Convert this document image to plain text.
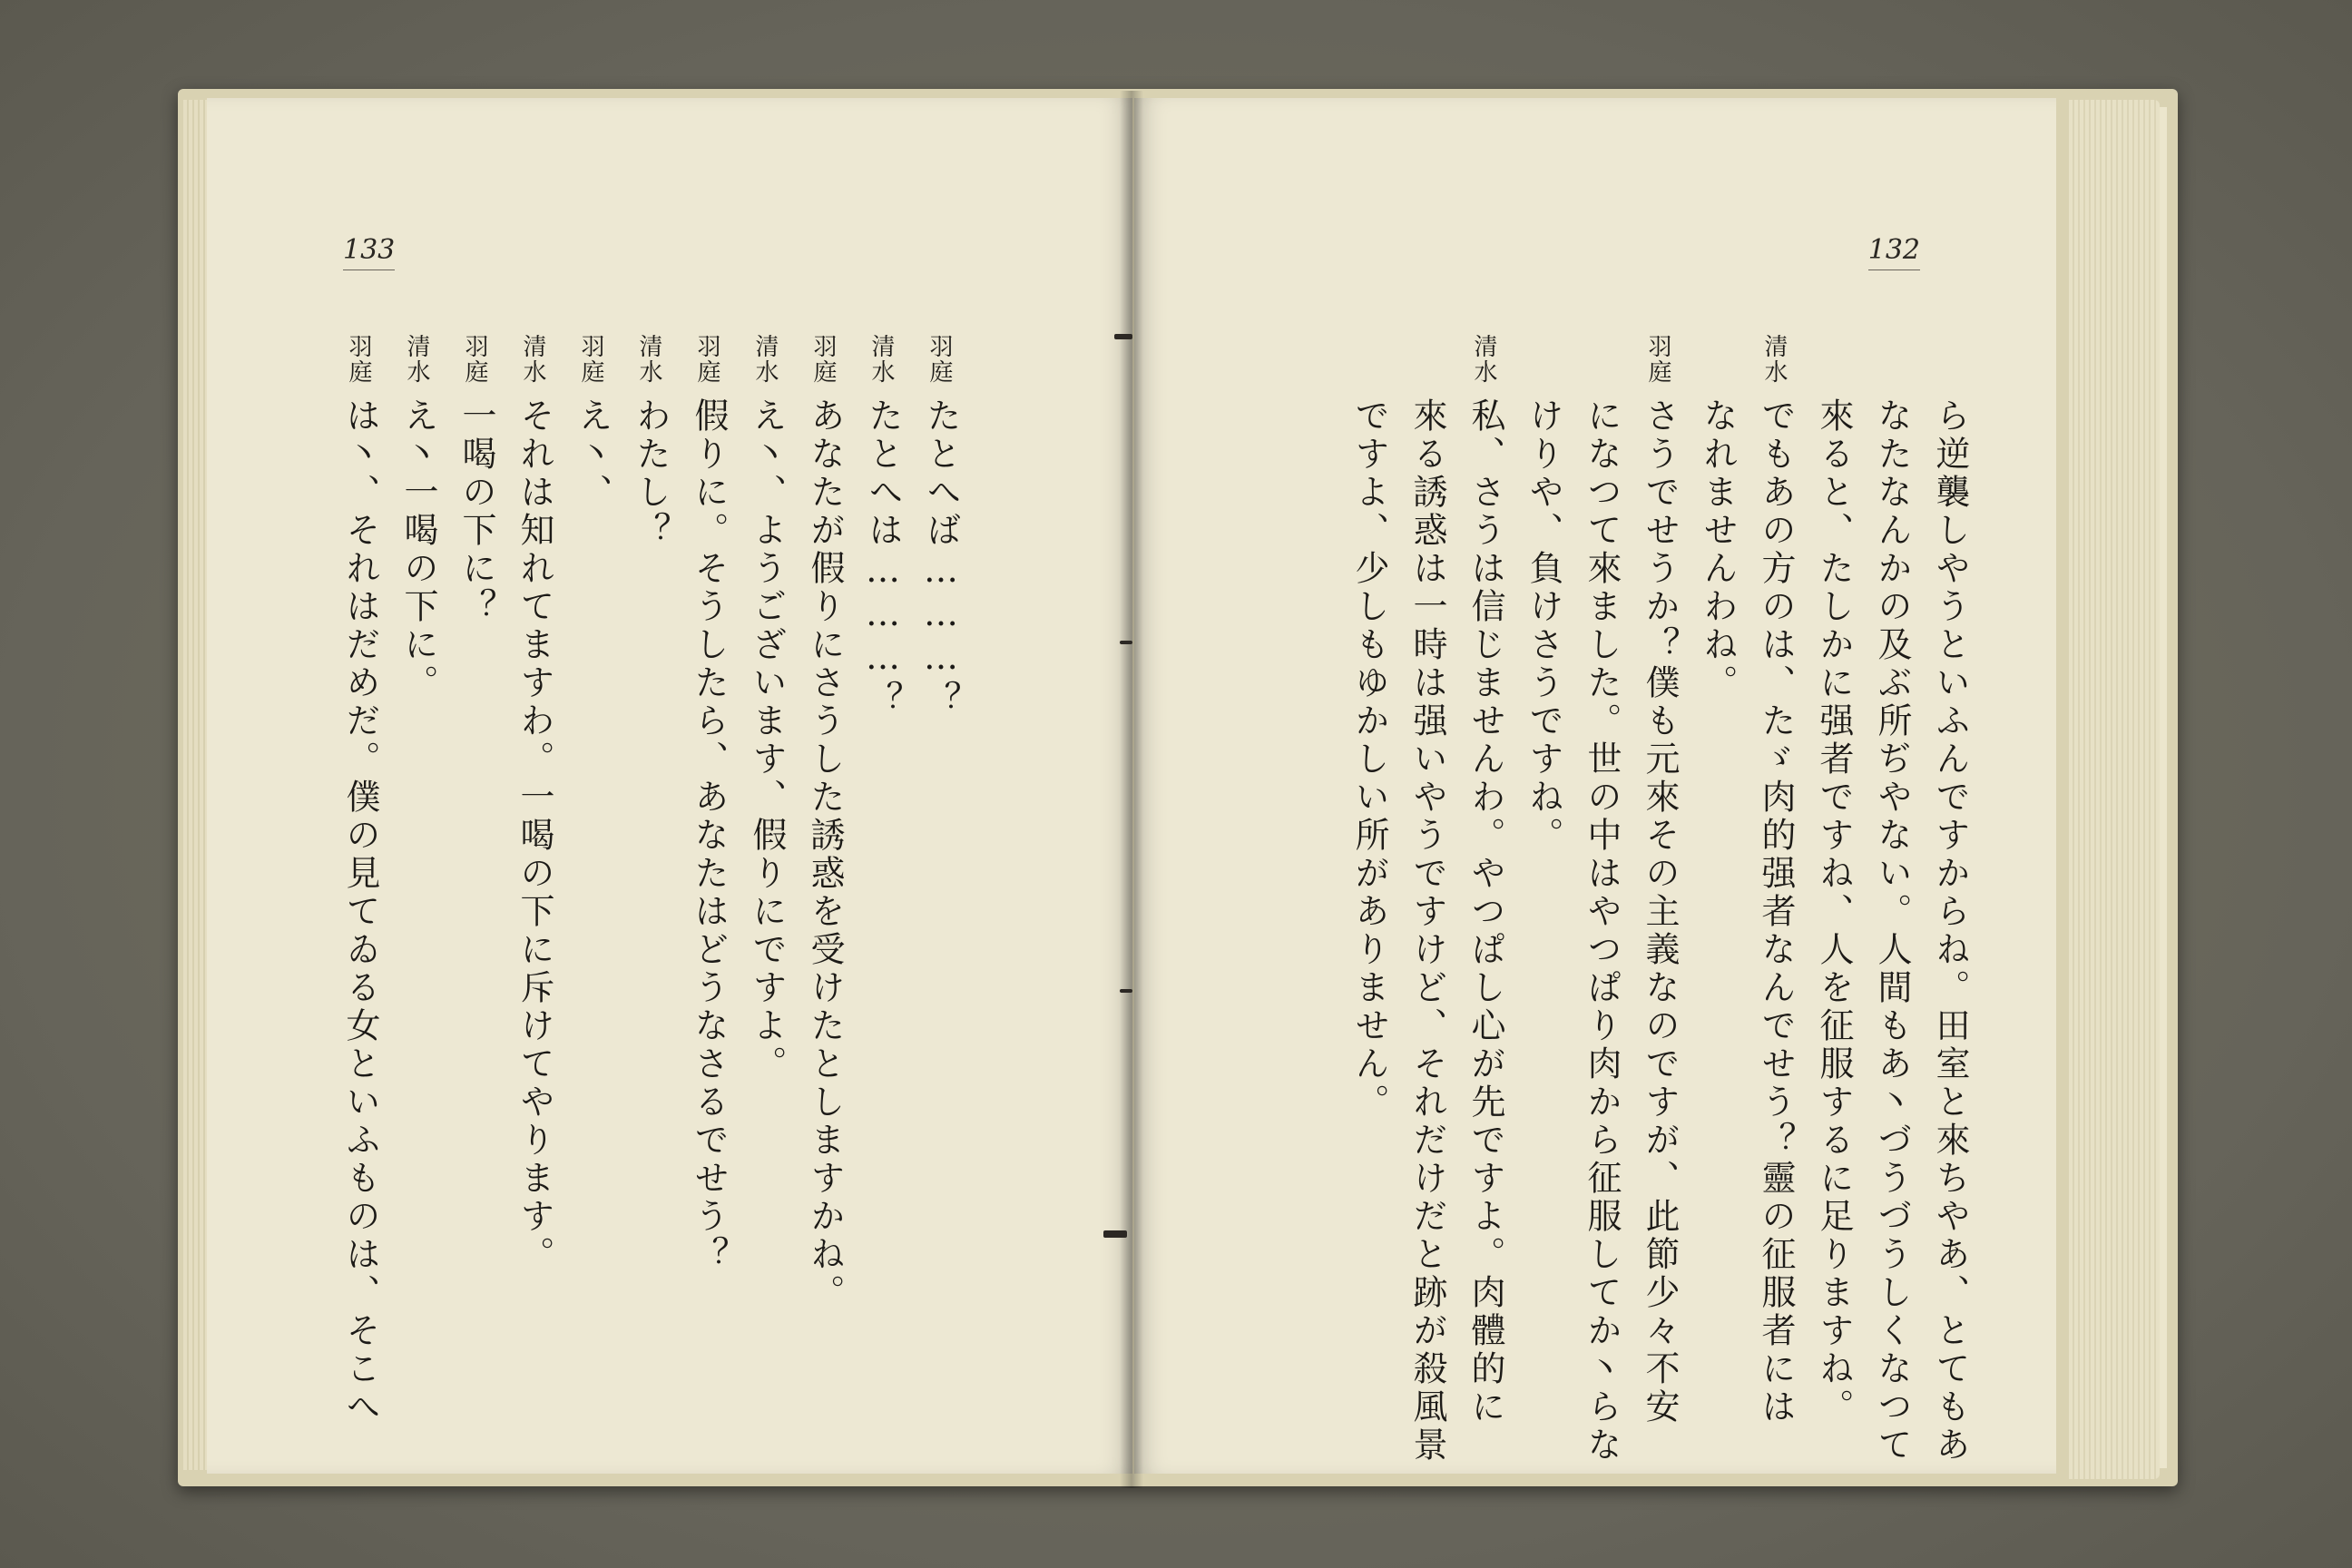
133
羽庭
たとへば………？
清水
たとへは………？
羽庭
あなたが假りにさうした誘惑を受けたとしますかね。
清水
え丶、ようございます、假りにですよ。
羽庭
假りに。そうしたら、あなたはどうなさるでせう？
清水
わたし？
羽庭
え丶、
清水
それは知れてますわ。一喝の下に斥けてやります。
羽庭
一喝の下に？
清水
え丶一喝の下に。
羽庭
は丶、それはだめだ。僕の見てゐる女といふものは、そこへ
132
ら逆襲しやうといふんですからね。田室と來ちやあ、とてもあ
なたなんかの及ぶ所ぢやない。人間もあ丶づうづうしくなつて
來ると、たしかに强者ですね、人を征服するに足りますね。
清水
でもあの方のは、たゞ肉的强者なんでせう？靈の征服者には
なれませんわね。
羽庭
さうでせうか？僕も元來その主義なのですが、此節少々不安
になつて來ました。世の中はやつぱり肉から征服してか丶らな
けりや、負けさうですね。
清水
私、さうは信じませんわ。やつぱし心が先ですよ。肉體的に
來る誘惑は一時は强いやうですけど、それだけだと跡が殺風景
ですよ、少しもゆかしい所がありません。
